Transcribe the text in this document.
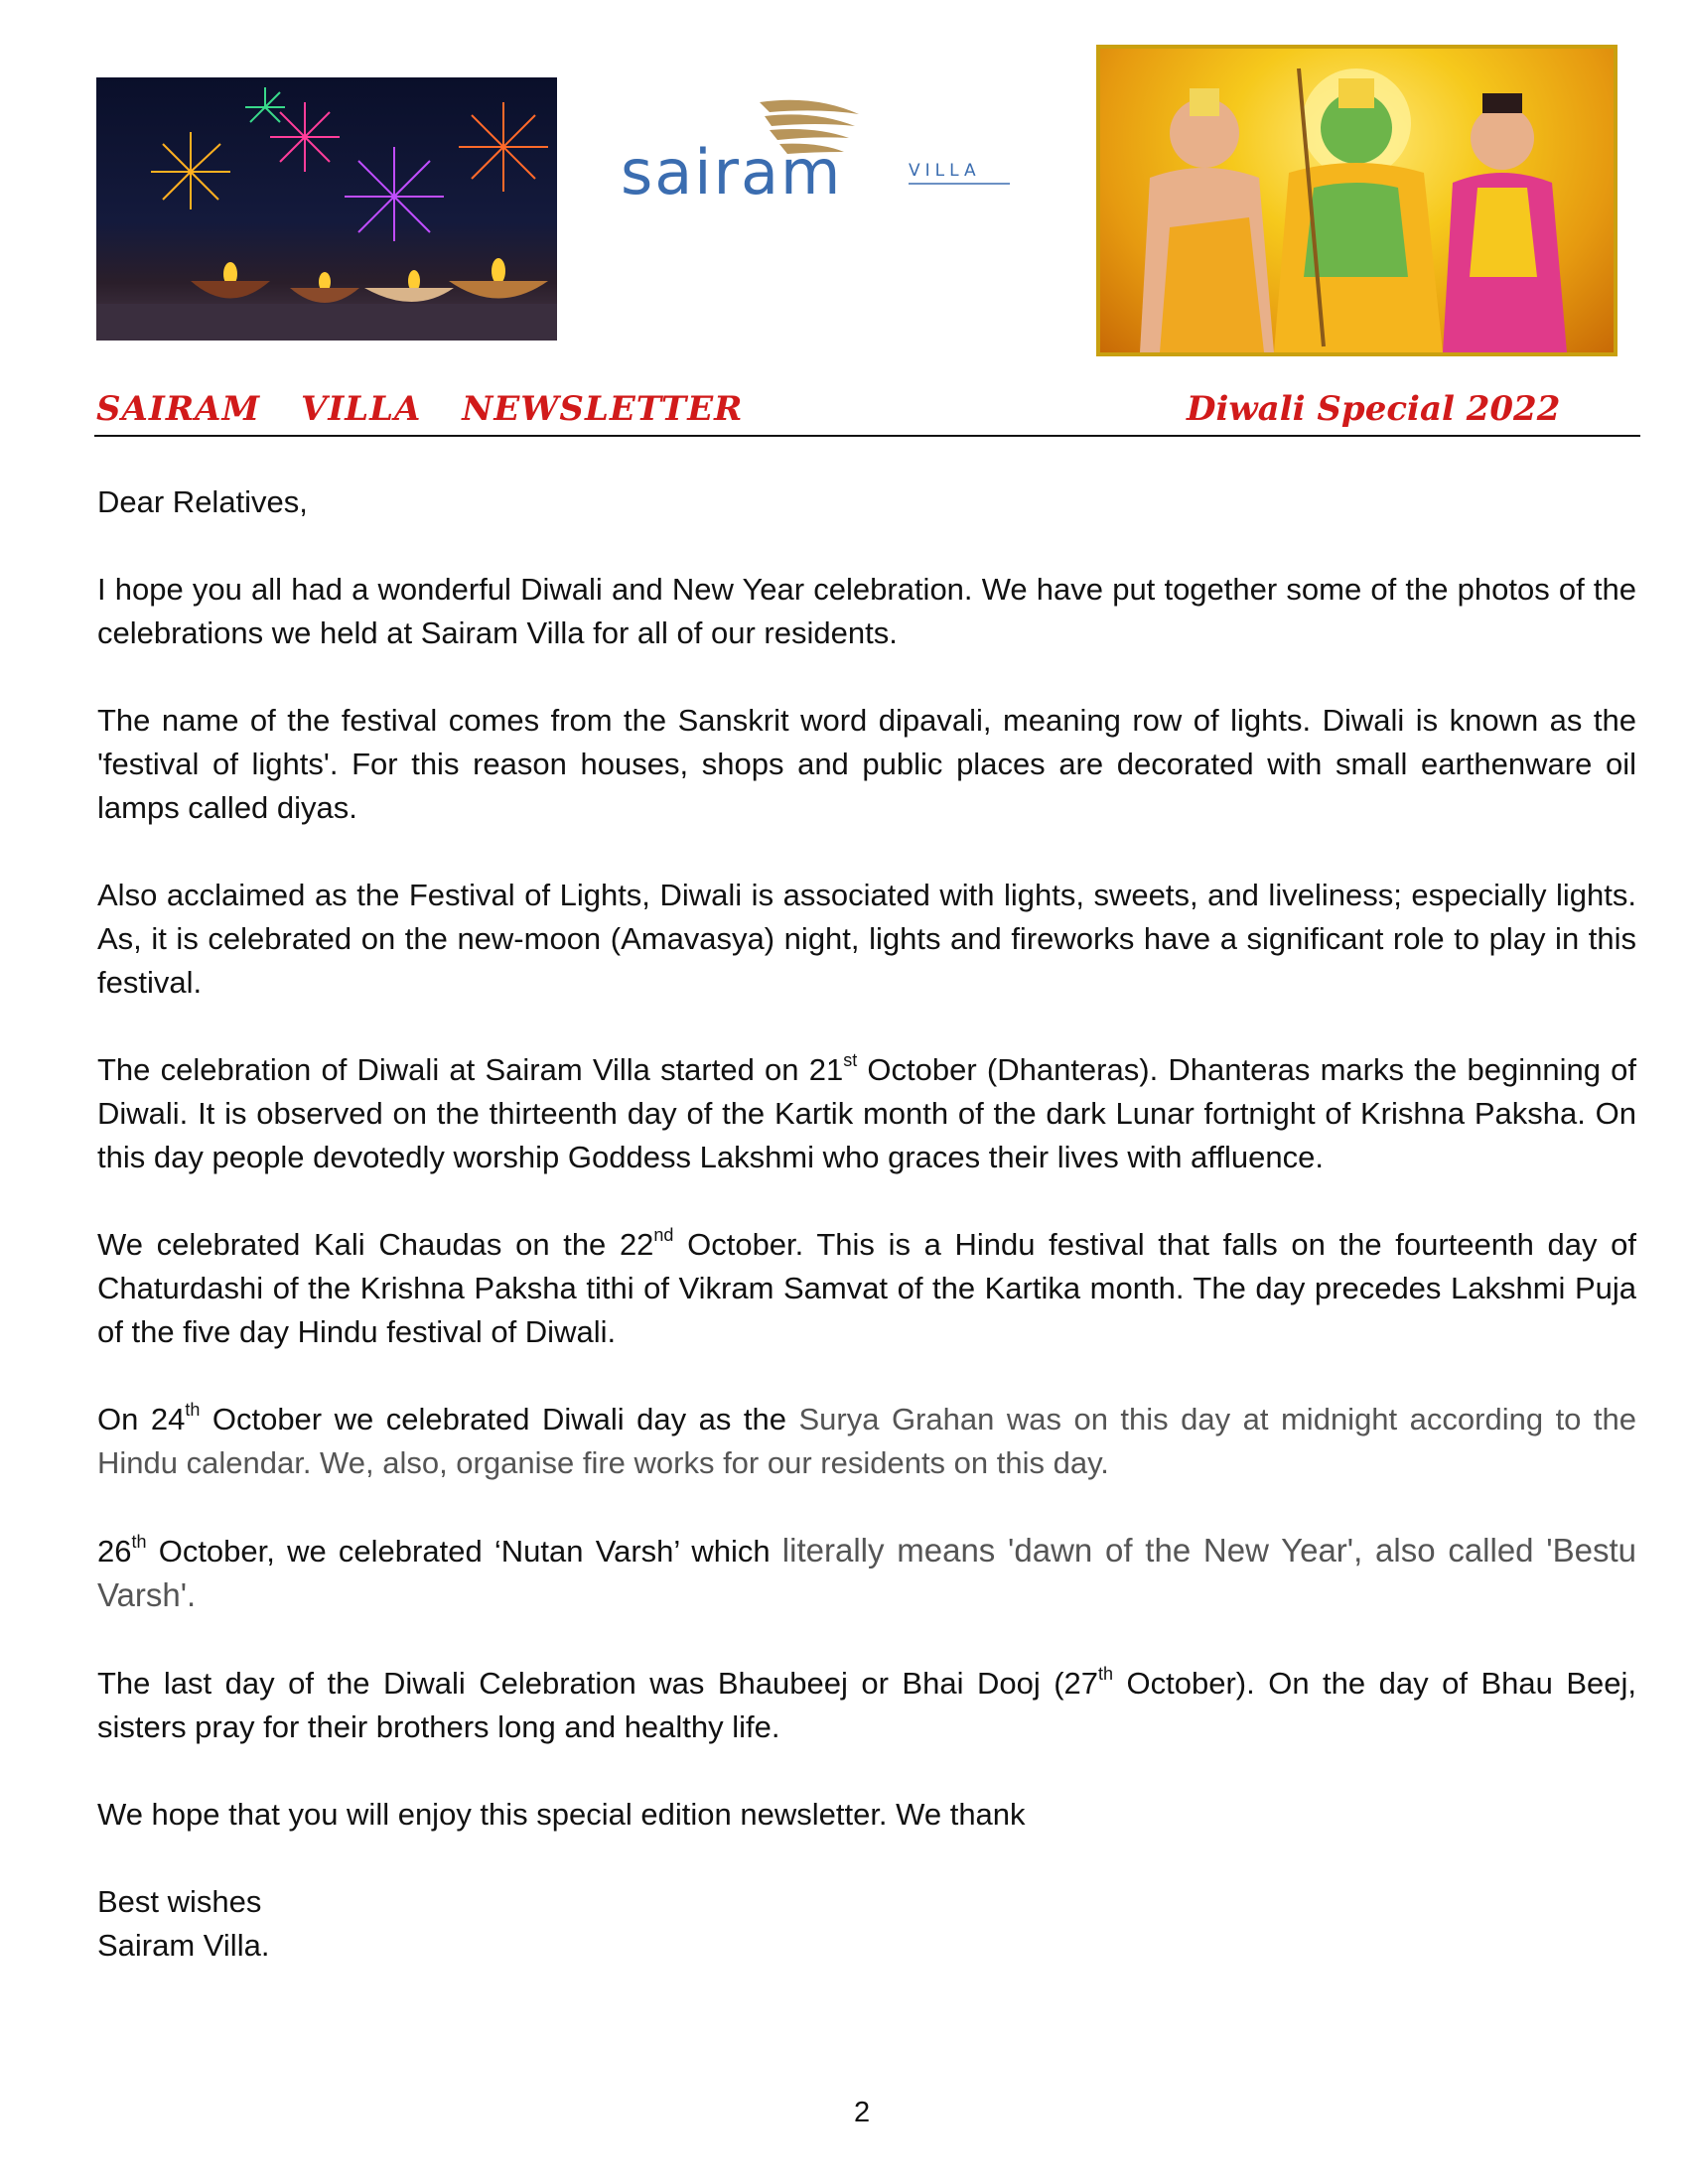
sairam	VILLA
SAIRAM VILLA NEWSLETTER	Diwali Special 2022

Dear Relatives,

I hope you all had a wonderful Diwali and New Year celebration. We have put together some of the photos of the celebrations we held at Sairam Villa for all of our residents.

The name of the festival comes from the Sanskrit word dipavali, meaning row of lights. Diwali is known as the 'festival of lights'. For this reason houses, shops and public places are decorated with small earthenware oil lamps called diyas.

Also acclaimed as the Festival of Lights, Diwali is associated with lights, sweets, and liveliness; especially lights. As, it is celebrated on the new-moon (Amavasya) night, lights and fireworks have a significant role to play in this festival.

The celebration of Diwali at Sairam Villa started on 21st October (Dhanteras). Dhanteras marks the beginning of Diwali. It is observed on the thirteenth day of the Kartik month of the dark Lunar fortnight of Krishna Paksha. On this day people devotedly worship Goddess Lakshmi who graces their lives with affluence.

We celebrated Kali Chaudas on the 22nd October. This is a Hindu festival that falls on the fourteenth day of Chaturdashi of the Krishna Paksha tithi of Vikram Samvat of the Kartika month. The day precedes Lakshmi Puja of the five day Hindu festival of Diwali.

On 24th October we celebrated Diwali day as the Surya Grahan was on this day at midnight according to the Hindu calendar. We, also, organise fire works for our residents on this day.

26th October, we celebrated ‘Nutan Varsh’ which literally means 'dawn of the New Year', also called 'Bestu Varsh'.

The last day of the Diwali Celebration was Bhaubeej or Bhai Dooj (27th October). On the day of Bhau Beej, sisters pray for their brothers long and healthy life.

We hope that you will enjoy this special edition newsletter. We thank

Best wishes

Sairam Villa.

2
